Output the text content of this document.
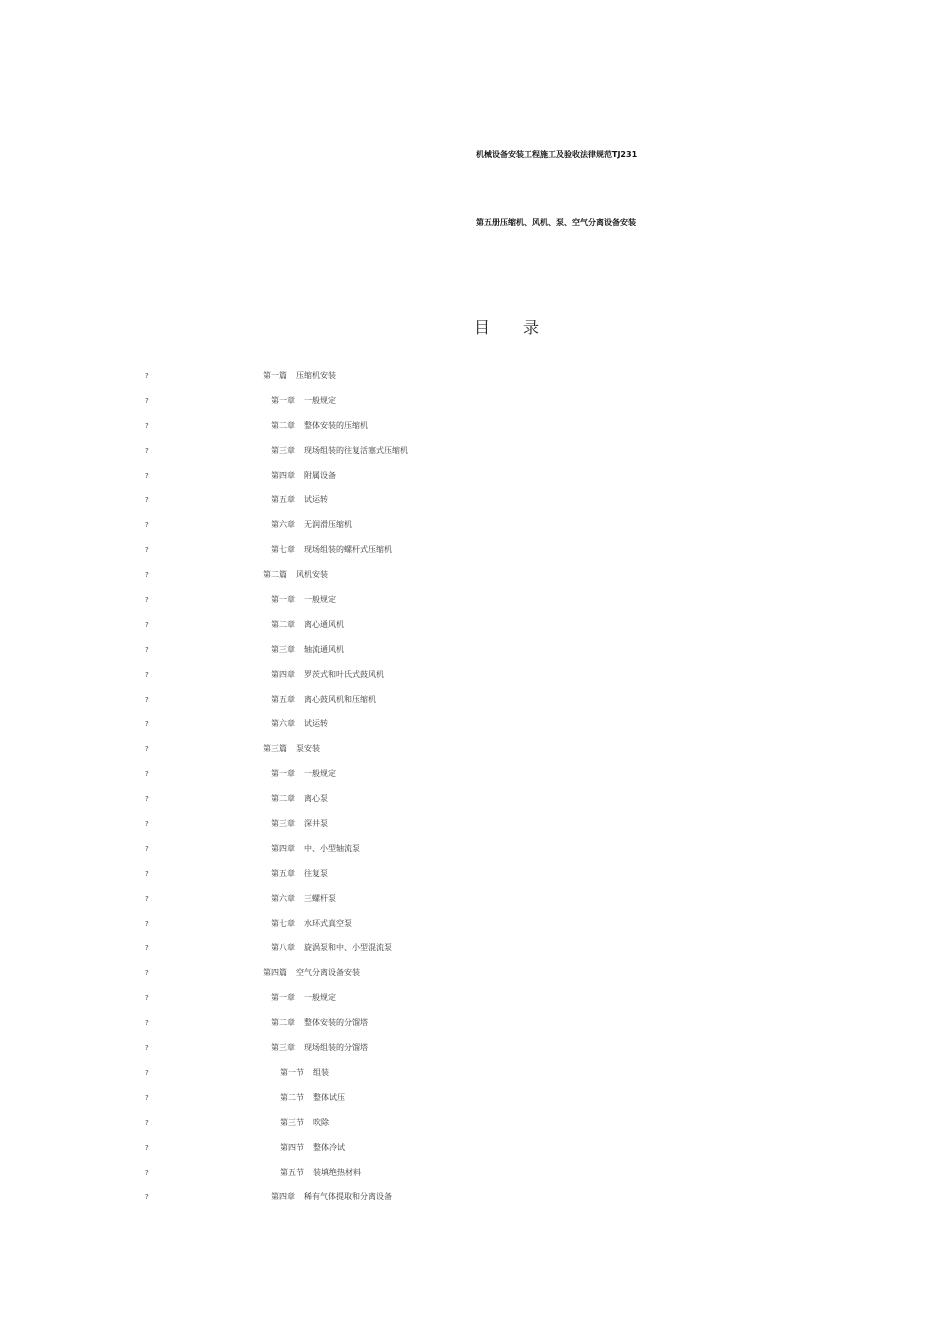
机械设备安装工程施工及验收法律规范TJ231
第五册压缩机、风机、泵、空气分离设备安装
目 录
?	第一篇 压缩机安装
?	第一章 一般规定
?	第二章 整体安装的压缩机
?	第三章 现场组装的往复活塞式压缩机
?	第四章 附属设备
?	第五章 试运转
?	第六章 无润滑压缩机
?	第七章 现场组装的螺杆式压缩机
?	第二篇 风机安装
?	第一章 一般规定
?	第二章 离心通风机
?	第三章 轴流通风机
?	第四章 罗茨式和叶氏式鼓风机
?	第五章 离心鼓风机和压缩机
?	第六章 试运转
?	第三篇 泵安装
?	第一章 一般规定
?	第二章 离心泵
?	第三章 深井泵
?	第四章 中、小型轴流泵
?	第五章 往复泵
?	第六章 三螺杆泵
?	第七章 水环式真空泵
?	第八章 旋涡泵和中、小型混流泵
?	第四篇 空气分离设备安装
?	第一章 一般规定
?	第二章 整体安装的分馏塔
?	第三章 现场组装的分馏塔
?	第一节 组装
?	第二节 整体试压
?	第三节 吹除
?	第四节 整体冷试
?	第五节 装填绝热材料
?	第四章 稀有气体提取和分离设备
